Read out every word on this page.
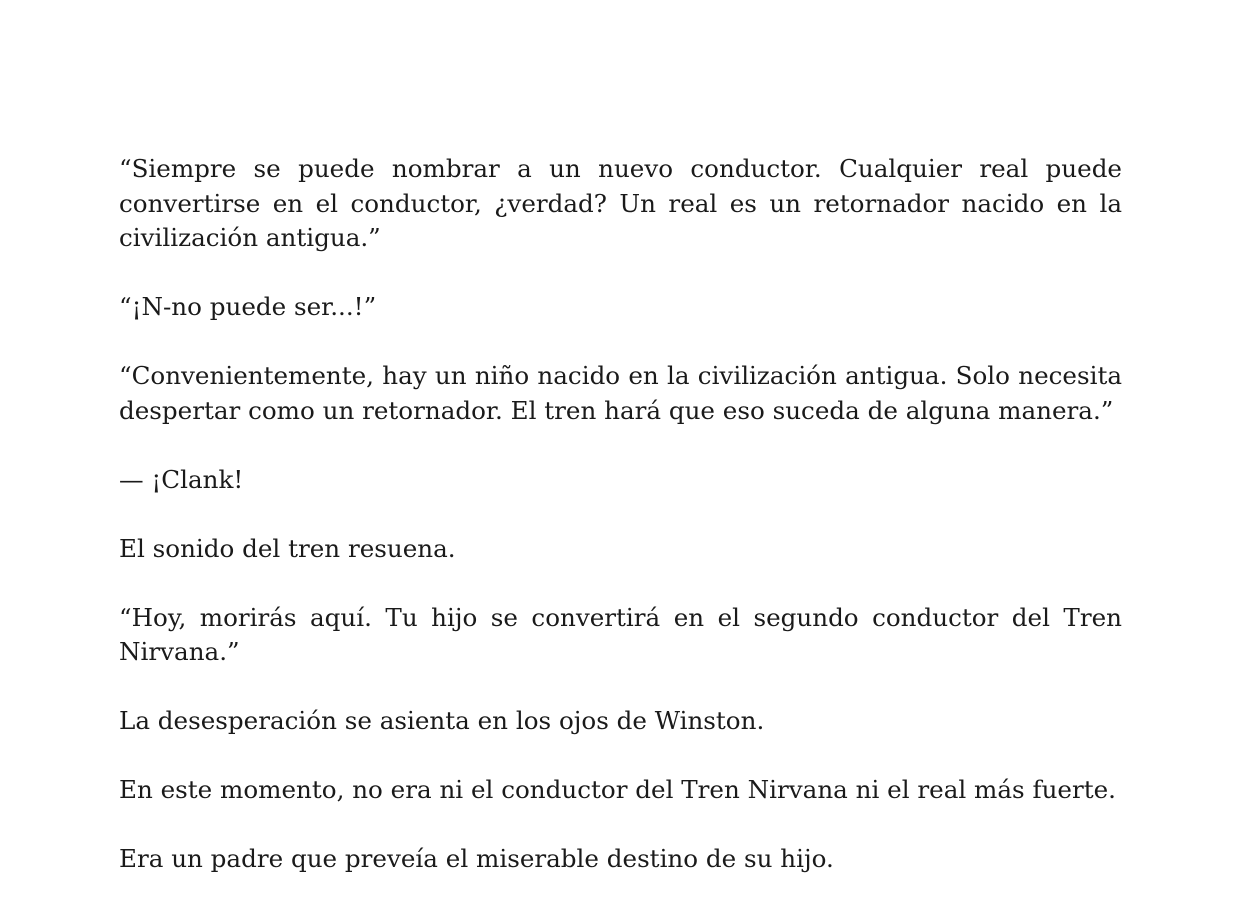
“Siempre se puede nombrar a un nuevo conductor. Cualquier real puede convertirse en el conductor, ¿verdad? Un real es un retornador nacido en la civilización antigua.”

“¡N-no puede ser...!”

“Convenientemente, hay un niño nacido en la civilización antigua. Solo necesita despertar como un retornador. El tren hará que eso suceda de alguna manera.”

— ¡Clank!

El sonido del tren resuena.

“Hoy, morirás aquí. Tu hijo se convertirá en el segundo conductor del Tren Nirvana.”

La desesperación se asienta en los ojos de Winston.

En este momento, no era ni el conductor del Tren Nirvana ni el real más fuerte.

Era un padre que preveía el miserable destino de su hijo.
